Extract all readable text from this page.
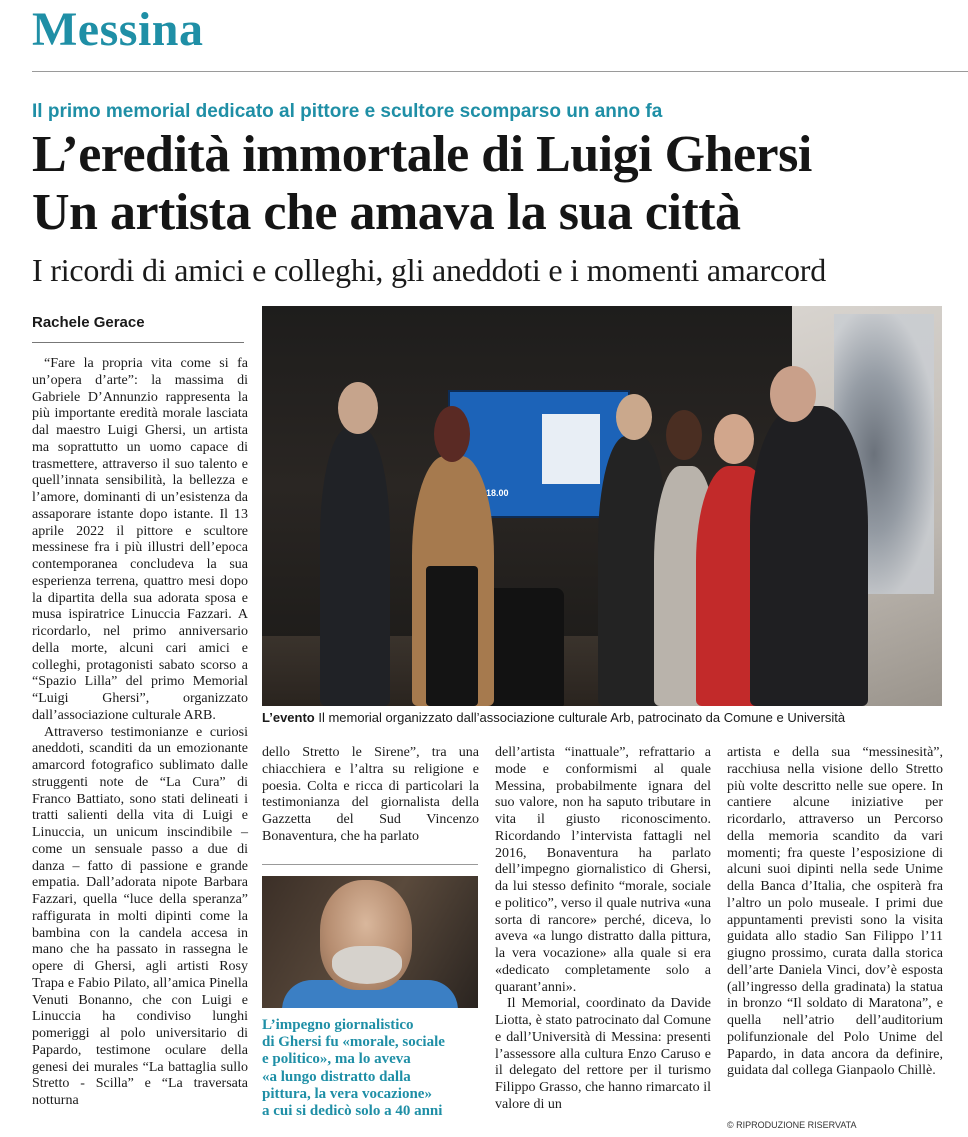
Messina
Il primo memorial dedicato al pittore e scultore scomparso un anno fa
L’eredità immortale di Luigi Ghersi
Un artista che amava la sua città
I ricordi di amici e colleghi, gli aneddoti e i momenti amarcord
Rachele Gerace

“Fare la propria vita come si fa un’opera d’arte”: la massima di Gabriele D’Annunzio rappresenta la più importante eredità morale lasciata dal maestro Luigi Ghersi, un artista ma soprattutto un uomo capace di trasmettere, attraverso il suo talento e quell’innata sensibilità, la bellezza e l’amore, dominanti di un’esistenza da assaporare istante dopo istante. Il 13 aprile 2022 il pittore e scultore messinese fra i più illustri dell’epoca contemporanea concludeva la sua esperienza terrena, quattro mesi dopo la dipartita della sua adorata sposa e musa ispiratrice Linuccia Fazzari. A ricordarlo, nel primo anniversario della morte, alcuni cari amici e colleghi, protagonisti sabato scorso a “Spazio Lilla” del primo Memorial “Luigi Ghersi”, organizzato dall’associazione culturale ARB.

Attraverso testimonianze e curiosi aneddoti, scanditi da un emozionante amarcord fotografico sublimato dalle struggenti note de “La Cura” di Franco Battiato, sono stati delineati i tratti salienti della vita di Luigi e Linuccia, un unicum inscindibile – come un sensuale passo a due di danza – fatto di passione e grande empatia. Dall’adorata nipote Barbara Fazzari, quella “luce della speranza” raffigurata in molti dipinti come la bambina con la candela accesa in mano che ha passato in rassegna le opere di Ghersi, agli artisti Rosy Trapa e Fabio Pilato, all’amica Pinella Venuti Bonanno, che con Luigi e Linuccia ha condiviso lunghi pomeriggi al polo universitario di Papardo, testimone oculare della genesi dei murales “La battaglia sullo Stretto - Scilla” e “La traversata notturna

18.00
L’evento Il memorial organizzato dall’associazione culturale Arb, patrocinato da Comune e Università

dello Stretto le Sirene”, tra una chiacchiera e l’altra su religione e poesia. Colta e ricca di particolari la testimonianza del giornalista della Gazzetta del Sud Vincenzo Bonaventura, che ha parlato

L’impegno giornalistico
di Ghersi fu «morale, sociale
e politico», ma lo aveva
«a lungo distratto dalla
pittura, la vera vocazione»
a cui si dedicò solo a 40 anni

dell’artista “inattuale”, refrattario a mode e conformismi al quale Messina, probabilmente ignara del suo valore, non ha saputo tributare in vita il giusto riconoscimento. Ricordando l’intervista fattagli nel 2016, Bonaventura ha parlato dell’impegno giornalistico di Ghersi, da lui stesso definito “morale, sociale e politico”, verso il quale nutriva «una sorta di rancore» perché, diceva, lo aveva «a lungo distratto dalla pittura, la vera vocazione» alla quale si era «dedicato completamente solo a quarant’anni».

Il Memorial, coordinato da Davide Liotta, è stato patrocinato dal Comune e dall’Università di Messina: presenti l’assessore alla cultura Enzo Caruso e il delegato del rettore per il turismo Filippo Grasso, che hanno rimarcato il valore di un

artista e della sua “messinesità”, racchiusa nella visione dello Stretto più volte descritto nelle sue opere. In cantiere alcune iniziative per ricordarlo, attraverso un Percorso della memoria scandito da vari momenti; fra queste l’esposizione di alcuni suoi dipinti nella sede Unime della Banca d’Italia, che ospiterà fra l’altro un polo museale. I primi due appuntamenti previsti sono la visita guidata allo stadio San Filippo l’11 giugno prossimo, curata dalla storica dell’arte Daniela Vinci, dov’è esposta (all’ingresso della gradinata) la statua in bronzo “Il soldato di Maratona”, e quella nell’atrio dell’auditorium polifunzionale del Polo Unime del Papardo, in data ancora da definire, guidata dal collega Gianpaolo Chillè.

© RIPRODUZIONE RISERVATA
